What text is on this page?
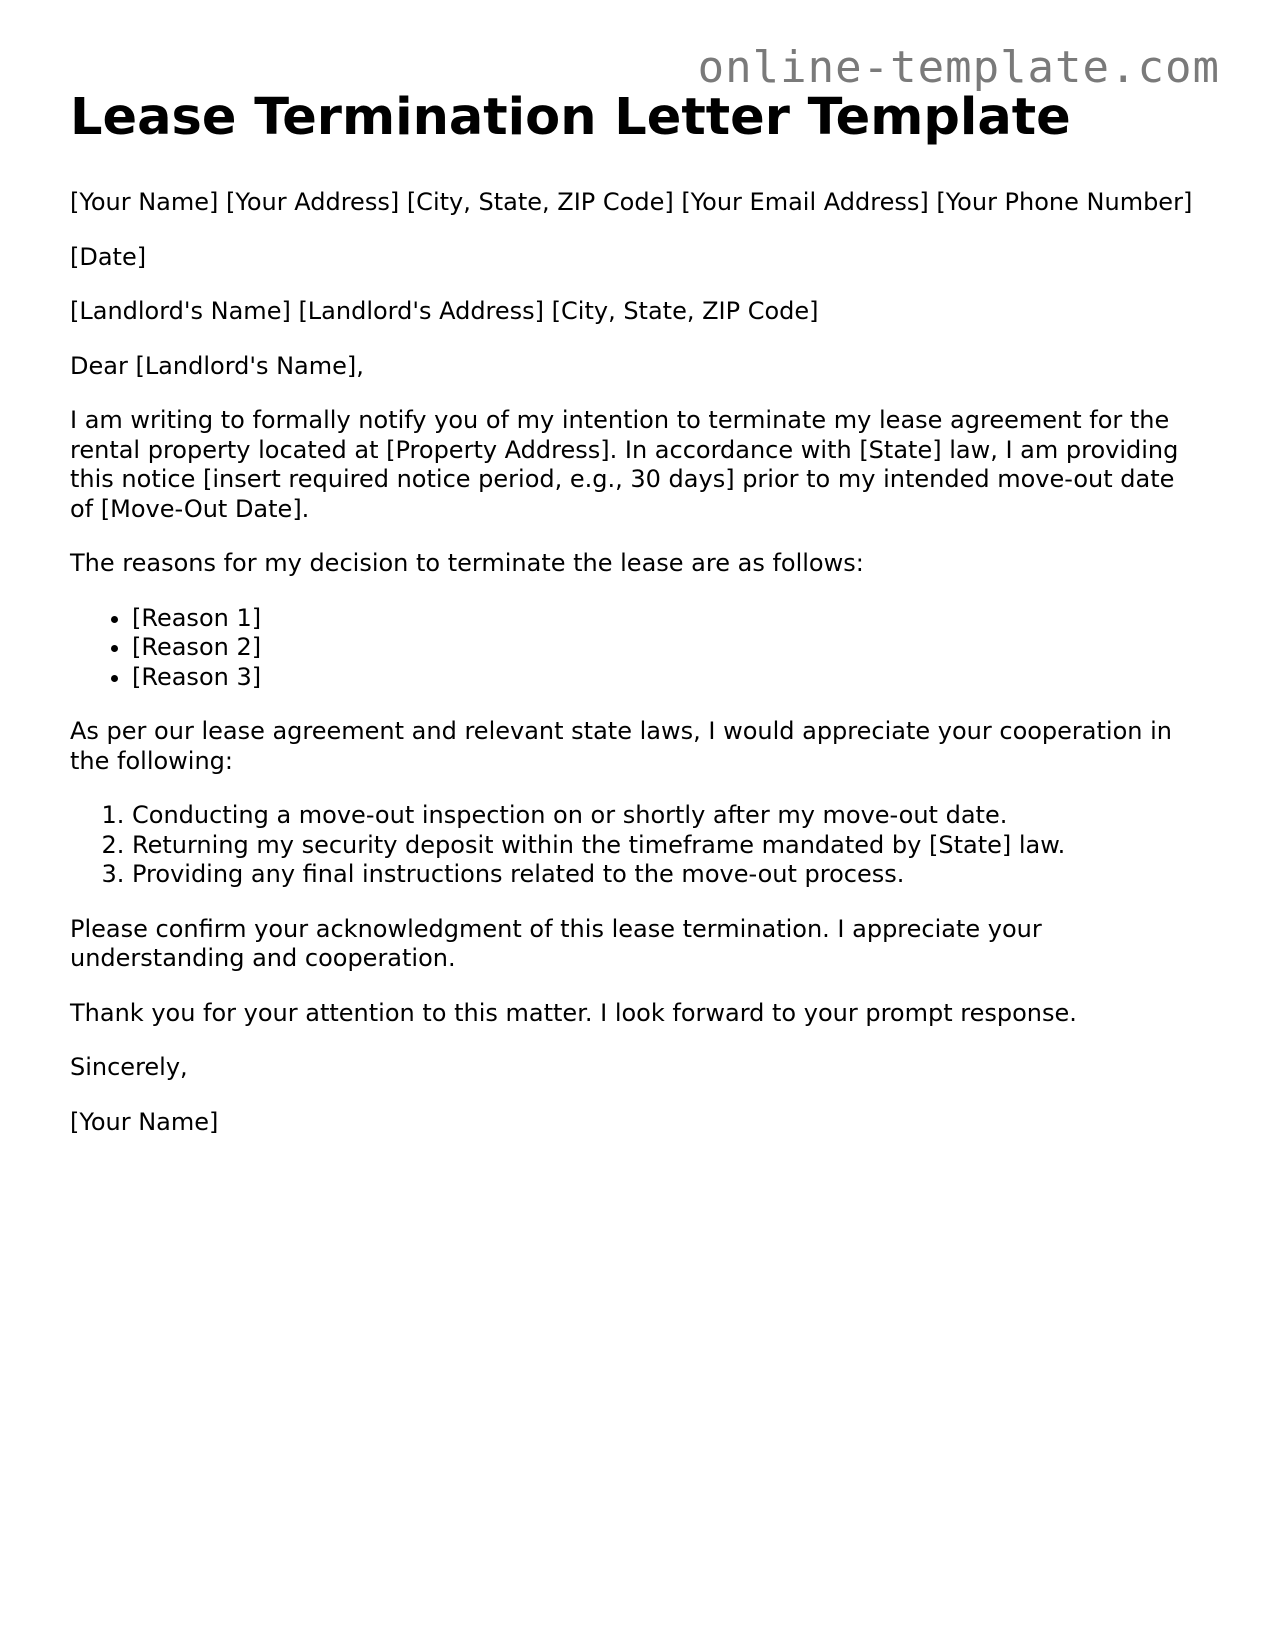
online-template.com
Lease Termination Letter Template

[Your Name] [Your Address] [City, State, ZIP Code] [Your Email Address] [Your Phone Number]

[Date]

[Landlord's Name] [Landlord's Address] [City, State, ZIP Code]

Dear [Landlord's Name],

I am writing to formally notify you of my intention to terminate my lease agreement for the rental property located at [Property Address]. In accordance with [State] law, I am providing this notice [insert required notice period, e.g., 30 days] prior to my intended move-out date of [Move-Out Date].

The reasons for my decision to terminate the lease are as follows:

• [Reason 1]
• [Reason 2]
• [Reason 3]

As per our lease agreement and relevant state laws, I would appreciate your cooperation in the following:

1. Conducting a move-out inspection on or shortly after my move-out date.
2. Returning my security deposit within the timeframe mandated by [State] law.
3. Providing any final instructions related to the move-out process.

Please confirm your acknowledgment of this lease termination. I appreciate your understanding and cooperation.

Thank you for your attention to this matter. I look forward to your prompt response.

Sincerely,

[Your Name]
